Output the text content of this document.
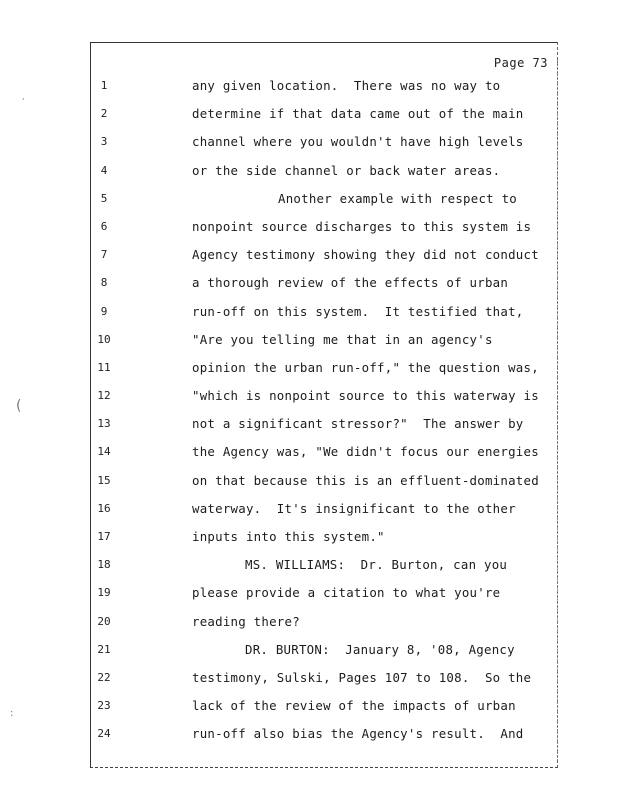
Page 73
,
(
:
1	any given location.  There was no way to
2	determine if that data came out of the main
3	channel where you wouldn't have high levels
4	or the side channel or back water areas.
5	Another example with respect to
6	nonpoint source discharges to this system is
7	Agency testimony showing they did not conduct
8	a thorough review of the effects of urban
9	run-off on this system.  It testified that,
10	"Are you telling me that in an agency's
11	opinion the urban run-off," the question was,
12	"which is nonpoint source to this waterway is
13	not a significant stressor?"  The answer by
14	the Agency was, "We didn't focus our energies
15	on that because this is an effluent-dominated
16	waterway.  It's insignificant to the other
17	inputs into this system."
18	MS. WILLIAMS:  Dr. Burton, can you
19	please provide a citation to what you're
20	reading there?
21	DR. BURTON:  January 8, '08, Agency
22	testimony, Sulski, Pages 107 to 108.  So the
23	lack of the review of the impacts of urban
24	run-off also bias the Agency's result.  And
